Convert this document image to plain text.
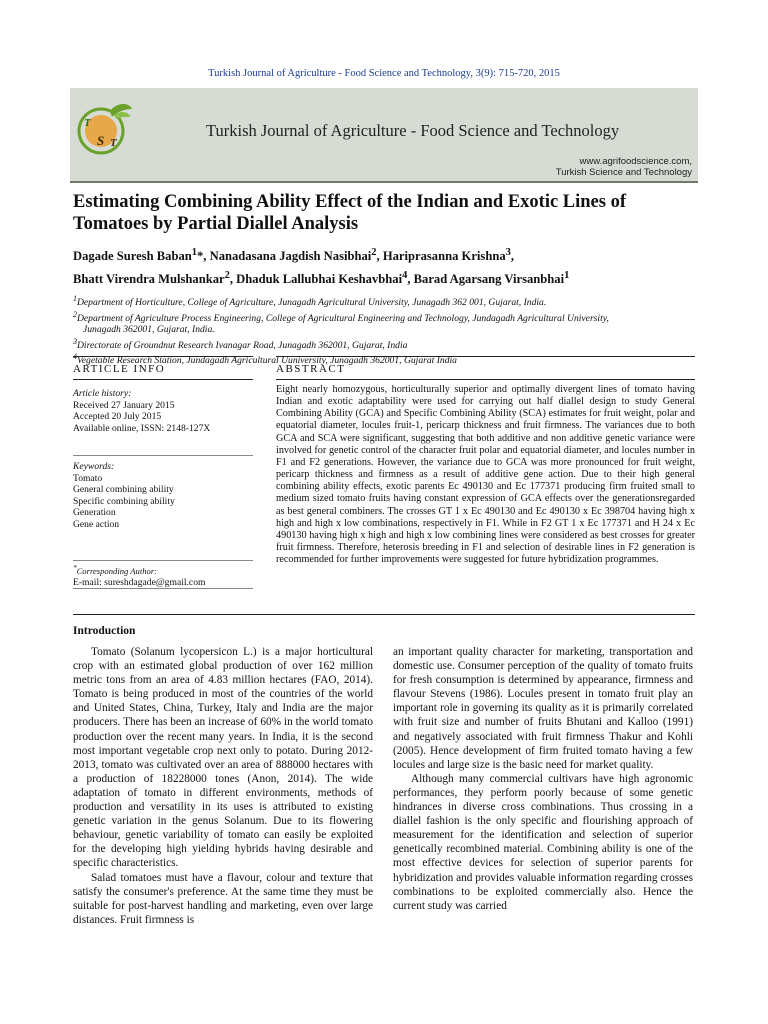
Turkish Journal of Agriculture - Food Science and Technology, 3(9): 715-720, 2015
T
S T
Turkish Journal of Agriculture - Food Science and Technology
www.agrifoodscience.com,
Turkish Science and Technology
Estimating Combining Ability Effect of the Indian and Exotic Lines of Tomatoes by Partial Diallel Analysis
Dagade Suresh Baban$^1$*, Nanadasana Jagdish Nasibhai$^2$, Hariprasanna Krishna$^3$,
Bhatt Virendra Mulshankar$^2$, Dhaduk Lallubhai Keshavbhai$^4$, Barad Agarsang Virsanbhai$^1$

$^1$Department of Horticulture, College of Agriculture, Junagadh Agricultural University, Junagadh 362 001, Gujarat, India.

$^2$Department of Agriculture Process Engineering, College of Agricultural Engineering and Technology, Jundagadh Agricultural University,

Junagadh 362001, Gujarat, India.

$^3$Directorate of Groundnut Research Ivanagar Road, Junagadh 362001, Gujarat, India

$^4$Vegetable Research Station, Jundagadh Agricultural Uuniversity, Junagadh 362001, Gujarat India

ARTICLE INFO	ABSTRACT

Article history:

Received 27 January 2015

Accepted 20 July 2015

Available online, ISSN: 2148-127X

Keywords:

Tomato

General combining ability

Specific combining ability

Generation

Gene action

*Corresponding Author:

E-mail: sureshdagade@gmail.com

Eight nearly homozygous, horticulturally superior and optimally divergent lines of tomato having Indian and exotic adaptability were used for carrying out half diallel design to study General Combining Ability (GCA) and Specific Combining Ability (SCA) estimates for fruit weight, polar and equatorial diameter, locules fruit-1, pericarp thickness and fruit firmness. The variances due to both GCA and SCA were significant, suggesting that both additive and non additive genetic variance were involved for genetic control of the character fruit polar and equatorial diameter, and locules number in F1 and F2 generations. However, the variance due to GCA was more pronounced for fruit weight, pericarp thickness and firmness as a result of additive gene action. Due to their high general combining ability effects, exotic parents Ec 490130 and Ec 177371 producing firm fruited small to medium sized tomato fruits having constant expression of GCA effects over the generationsregarded as best general combiners. The crosses GT 1 x Ec 490130 and Ec 490130 x Ec 398704 having high x high and high x low combinations, respectively in F1. While in F2 GT 1 x Ec 177371 and H 24 x Ec 490130 having high x high and high x low combining lines were considered as best crosses for greater fruit firmness. Therefore, heterosis breeding in F1 and selection of desirable lines in F2 generation is recommended for further improvements were suggested for future hybridization programmes.
Introduction

Tomato (Solanum lycopersicon L.) is a major horticultural crop with an estimated global production of over 162 million metric tons from an area of 4.83 million hectares (FAO, 2014). Tomato is being produced in most of the countries of the world and United States, China, Turkey, Italy and India are the major producers. There has been an increase of 60% in the world tomato production over the recent many years. In India, it is the second most important vegetable crop next only to potato. During 2012-2013, tomato was cultivated over an area of 888000 hectares with a production of 18228000 tones (Anon, 2014). The wide adaptation of tomato in different environments, methods of production and versatility in its uses is attributed to existing genetic variation in the genus Solanum. Due to its flowering behaviour, genetic variability of tomato can easily be exploited for the developing high yielding hybrids having desirable and specific characteristics.

Salad tomatoes must have a flavour, colour and texture that satisfy the consumer's preference. At the same time they must be suitable for post-harvest handling and marketing, even over large distances. Fruit firmness is

an important quality character for marketing, transportation and domestic use. Consumer perception of the quality of tomato fruits for fresh consumption is determined by appearance, firmness and flavour Stevens (1986). Locules present in tomato fruit play an important role in governing its quality as it is primarily correlated with fruit size and number of fruits Bhutani and Kalloo (1991) and negatively associated with fruit firmness Thakur and Kohli (2005). Hence development of firm fruited tomato having a few locules and large size is the basic need for market quality.

Although many commercial cultivars have high agronomic performances, they perform poorly because of some genetic hindrances in diverse cross combinations. Thus crossing in a diallel fashion is the only specific and flourishing approach of measurement for the identification and selection of superior genetically recombined material. Combining ability is one of the most effective devices for selection of superior parents for hybridization and provides valuable information regarding crosses combinations to be exploited commercially also. Hence the current study was carried
